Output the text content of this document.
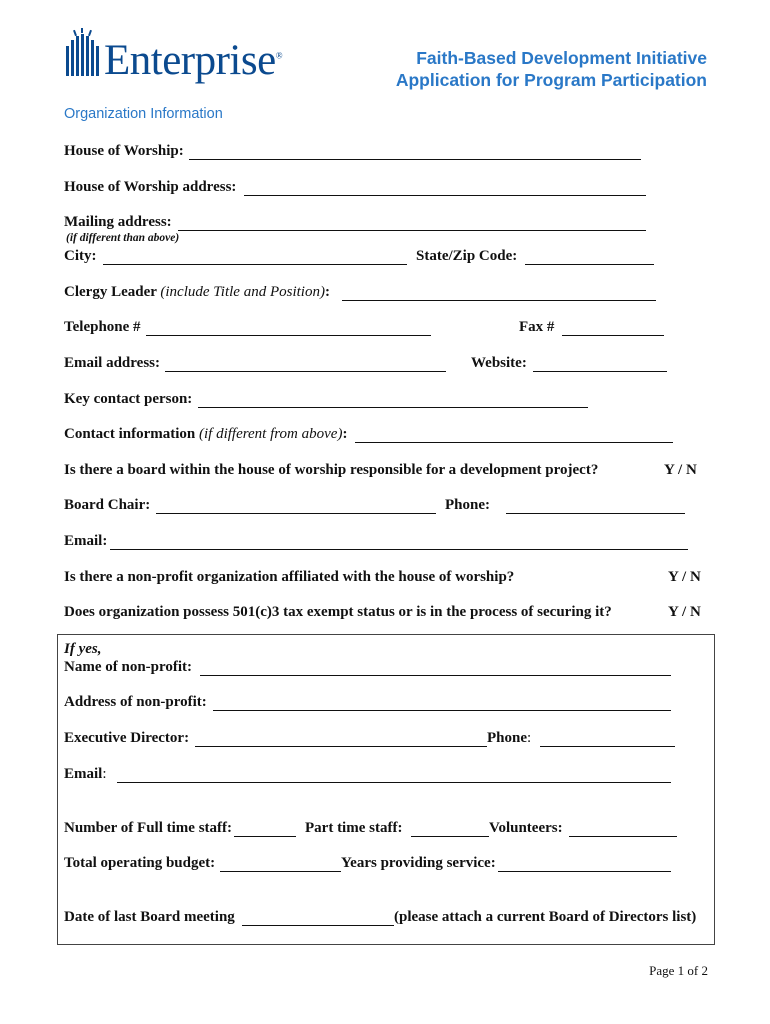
Enterprise®	Faith-Based Development Initiative
Application for Program Participation
Organization Information
House of Worship:
House of Worship address:
Mailing address:
(if different than above)
City:	State/Zip Code:
Clergy Leader (include Title and Position):
Telephone #	Fax #
Email address:	Website:
Key contact person:
Contact information (if different from above):
Is there a board within the house of worship responsible for a development project?	Y / N
Board Chair:	Phone:
Email:
Is there a non-profit organization affiliated with the house of worship?	Y / N
Does organization possess 501(c)3 tax exempt status or is in the process of securing it?	Y / N
If yes,
Name of non-profit:
Address of non-profit:
Executive Director:	Phone:
Email:
Number of Full time staff:	Part time staff:	Volunteers:
Total operating budget:	Years providing service:
Date of last Board meeting	(please attach a current Board of Directors list)
Page 1 of 2
